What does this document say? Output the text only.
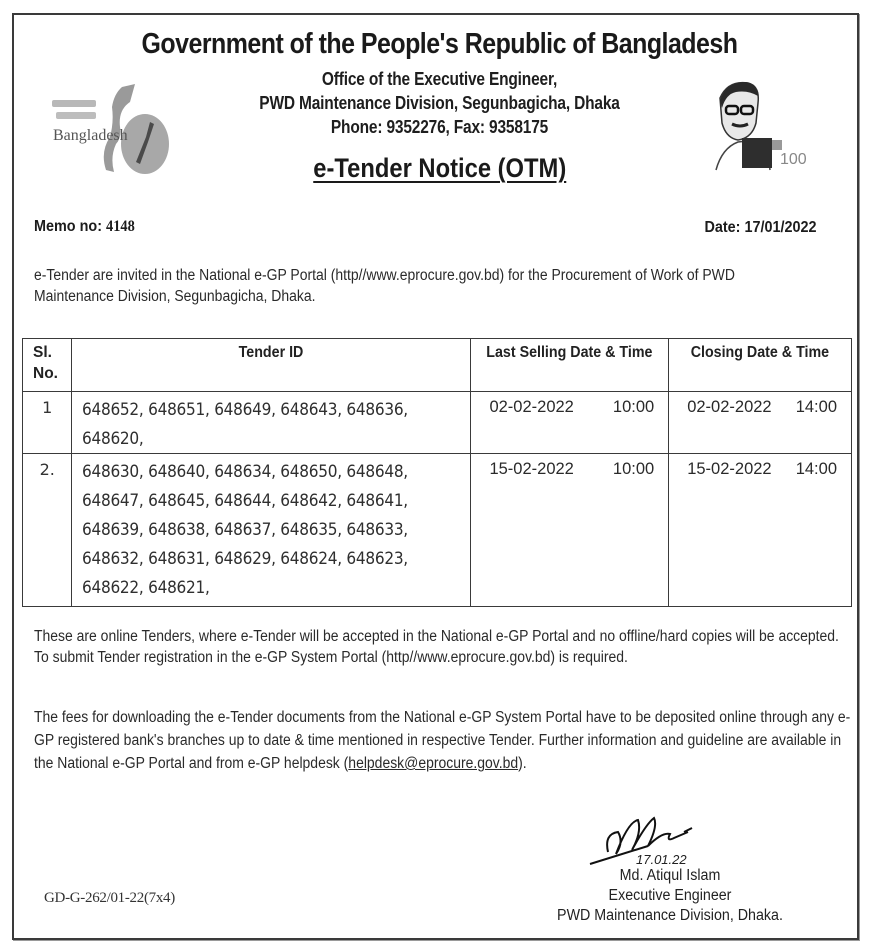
Bangladesh
100
Government of the People's Republic of Bangladesh
Office of the Executive Engineer,
PWD Maintenance Division, Segunbagicha, Dhaka
Phone: 9352276, Fax: 9358175
e-Tender Notice (OTM)
Memo no: 4148	Date: 17/01/2022
e-Tender are invited in the National e-GP Portal (http//www.eprocure.gov.bd) for the Procurement of Work of PWD Maintenance Division, Segunbagicha, Dhaka.
Sl.
No.	Tender ID	Last Selling Date & Time	Closing Date & Time

1	648652, 648651, 648649, 648643, 648636, 648620,	02-02-2022 10:00	02-02-2022 14:00

2.	648630, 648640, 648634, 648650, 648648, 648647, 648645, 648644, 648642, 648641, 648639, 648638, 648637, 648635, 648633, 648632, 648631, 648629, 648624, 648623, 648622, 648621,	15-02-2022 10:00	15-02-2022 14:00
These are online Tenders, where e-Tender will be accepted in the National e-GP Portal and no offline/hard copies will be accepted. To submit Tender registration in the e-GP System Portal (http//www.eprocure.gov.bd) is required.
The fees for downloading the e-Tender documents from the National e-GP System Portal have to be deposited online through any e-GP registered bank's branches up to date & time mentioned in respective Tender. Further information and guideline are available in the National e-GP Portal and from e-GP helpdesk (helpdesk@eprocure.gov.bd).
17.01.22
Md. Atiqul Islam
Executive Engineer
PWD Maintenance Division, Dhaka.
GD-G-262/01-22(7x4)
